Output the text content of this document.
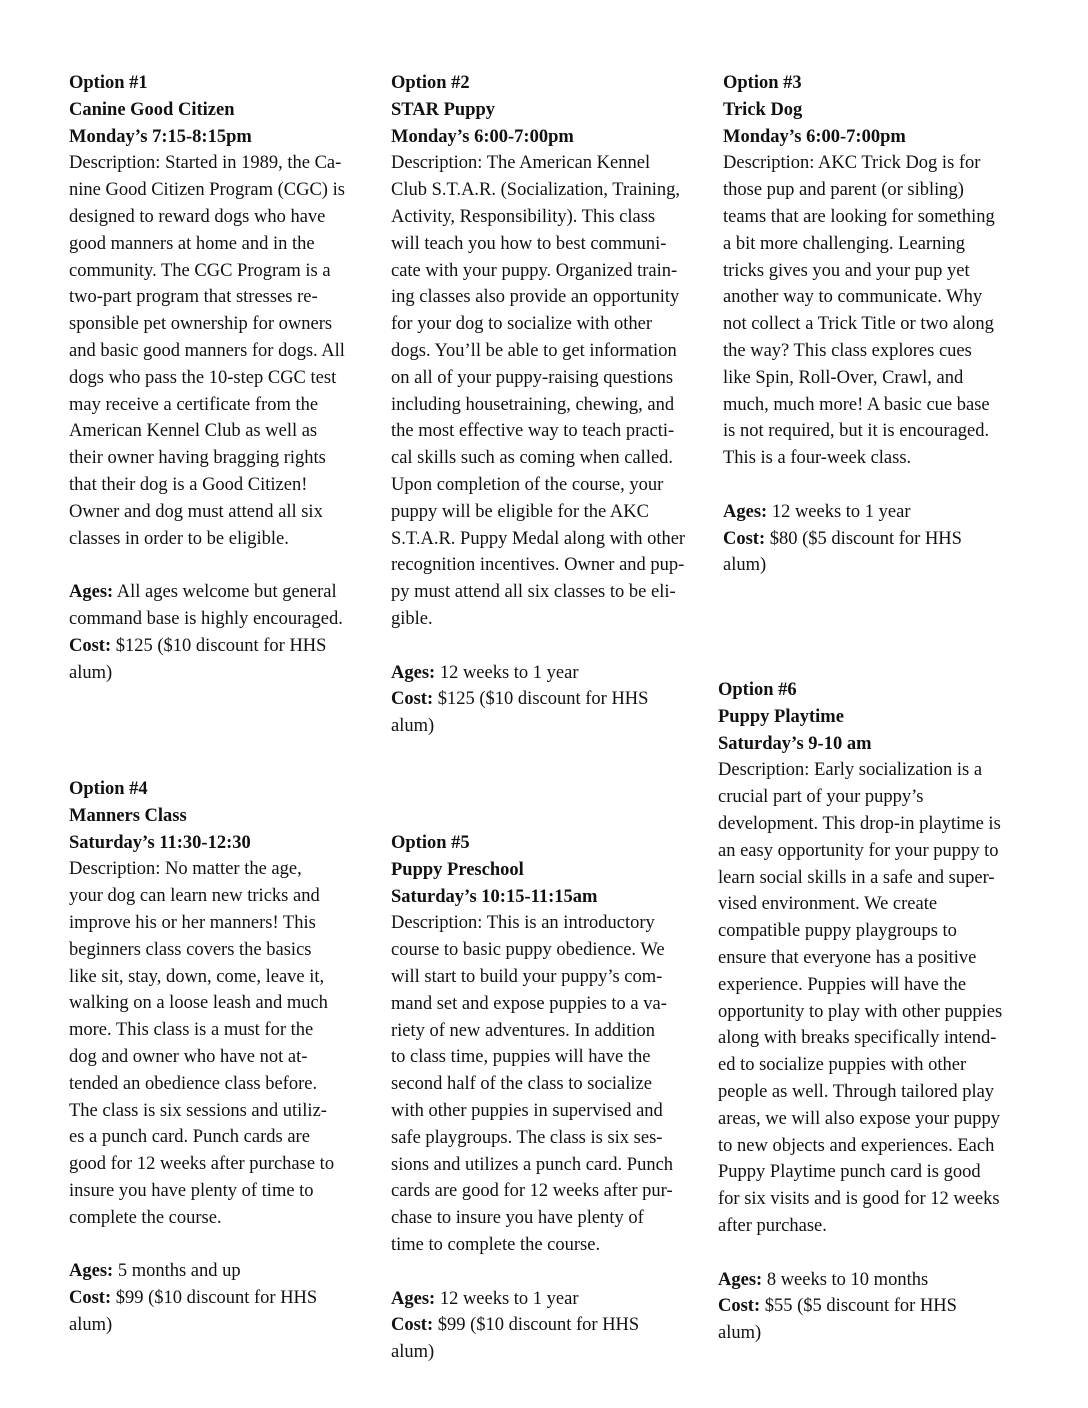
Option #1
Canine Good Citizen
Monday’s 7:15-8:15pm
Description: Started in 1989, the Ca-
nine Good Citizen Program (CGC) is
designed to reward dogs who have
good manners at home and in the
community. The CGC Program is a
two-part program that stresses re-
sponsible pet ownership for owners
and basic good manners for dogs. All
dogs who pass the 10-step CGC test
may receive a certificate from the
American Kennel Club as well as
their owner having bragging rights
that their dog is a Good Citizen!
Owner and dog must attend all six
classes in order to be eligible.
Ages: All ages welcome but general
command base is highly encouraged.
Cost: $125 ($10 discount for HHS
alum)
Option #2
STAR Puppy
Monday’s 6:00-7:00pm
Description: The American Kennel
Club S.T.A.R. (Socialization, Training,
Activity, Responsibility). This class
will teach you how to best communi-
cate with your puppy. Organized train-
ing classes also provide an opportunity
for your dog to socialize with other
dogs. You’ll be able to get information
on all of your puppy-raising questions
including housetraining, chewing, and
the most effective way to teach practi-
cal skills such as coming when called.
Upon completion of the course, your
puppy will be eligible for the AKC
S.T.A.R. Puppy Medal along with other
recognition incentives. Owner and pup-
py must attend all six classes to be eli-
gible.
Ages: 12 weeks to 1 year
Cost: $125 ($10 discount for HHS
alum)
Option #3
Trick Dog
Monday’s 6:00-7:00pm
Description: AKC Trick Dog is for
those pup and parent (or sibling)
teams that are looking for something
a bit more challenging. Learning
tricks gives you and your pup yet
another way to communicate. Why
not collect a Trick Title or two along
the way? This class explores cues
like Spin, Roll-Over, Crawl, and
much, much more! A basic cue base
is not required, but it is encouraged.
This is a four-week class.
Ages: 12 weeks to 1 year
Cost: $80 ($5 discount for HHS
alum)
Option #4
Manners Class
Saturday’s 11:30-12:30
Description: No matter the age,
your dog can learn new tricks and
improve his or her manners! This
beginners class covers the basics
like sit, stay, down, come, leave it,
walking on a loose leash and much
more. This class is a must for the
dog and owner who have not at-
tended an obedience class before.
The class is six sessions and utiliz-
es a punch card. Punch cards are
good for 12 weeks after purchase to
insure you have plenty of time to
complete the course.
Ages: 5 months and up
Cost: $99 ($10 discount for HHS
alum)
Option #5
Puppy Preschool
Saturday’s 10:15-11:15am
Description: This is an introductory
course to basic puppy obedience. We
will start to build your puppy’s com-
mand set and expose puppies to a va-
riety of new adventures. In addition
to class time, puppies will have the
second half of the class to socialize
with other puppies in supervised and
safe playgroups. The class is six ses-
sions and utilizes a punch card. Punch
cards are good for 12 weeks after pur-
chase to insure you have plenty of
time to complete the course.
Ages: 12 weeks to 1 year
Cost: $99 ($10 discount for HHS
alum)
Option #6
Puppy Playtime
Saturday’s 9-10 am
Description: Early socialization is a
crucial part of your puppy’s
development. This drop-in playtime is
an easy opportunity for your puppy to
learn social skills in a safe and super-
vised environment. We create
compatible puppy playgroups to
ensure that everyone has a positive
experience. Puppies will have the
opportunity to play with other puppies
along with breaks specifically intend-
ed to socialize puppies with other
people as well. Through tailored play
areas, we will also expose your puppy
to new objects and experiences. Each
Puppy Playtime punch card is good
for six visits and is good for 12 weeks
after purchase.
Ages: 8 weeks to 10 months
Cost: $55 ($5 discount for HHS
alum)
